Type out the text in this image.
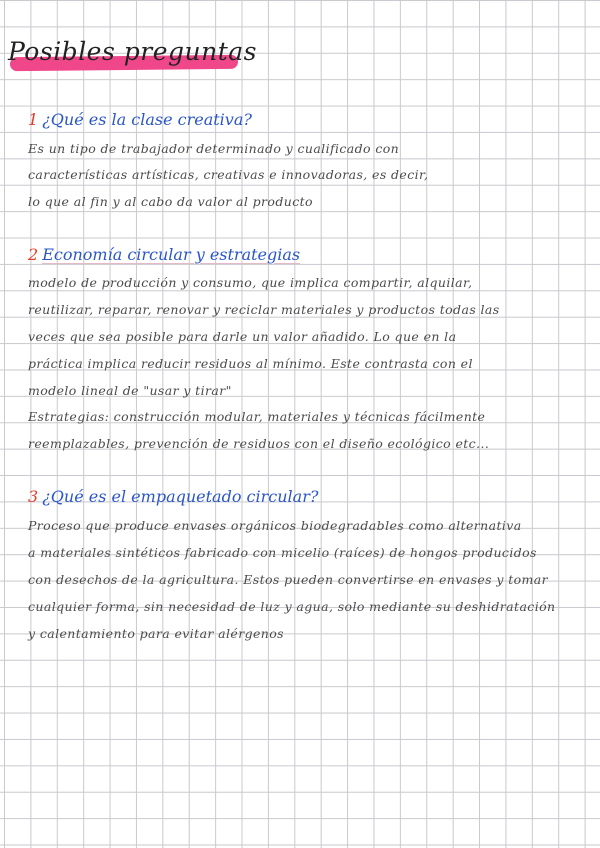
Posibles preguntas
1 ¿Qué es la clase creativa?
Es un tipo de trabajador determinado y cualificado con
características artísticas, creativas e innovadoras, es decir,
lo que al fin y al cabo da valor al producto
2 Economía circular y estrategias
modelo de producción y consumo, que implica compartir, alquilar,
reutilizar, reparar, renovar y reciclar materiales y productos todas las
veces que sea posible para darle un valor añadido. Lo que en la
práctica implica reducir residuos al mínimo. Este contrasta con el
modelo lineal de "usar y tirar"
Estrategias: construcción modular, materiales y técnicas fácilmente
reemplazables, prevención de residuos con el diseño ecológico etc...
3 ¿Qué es el empaquetado circular?
Proceso que produce envases orgánicos biodegradables como alternativa
a materiales sintéticos fabricado con micelio (raíces) de hongos producidos
con desechos de la agricultura. Estos pueden convertirse en envases y tomar
cualquier forma, sin necesidad de luz y agua, solo mediante su deshidratación
y calentamiento para evitar alérgenos
